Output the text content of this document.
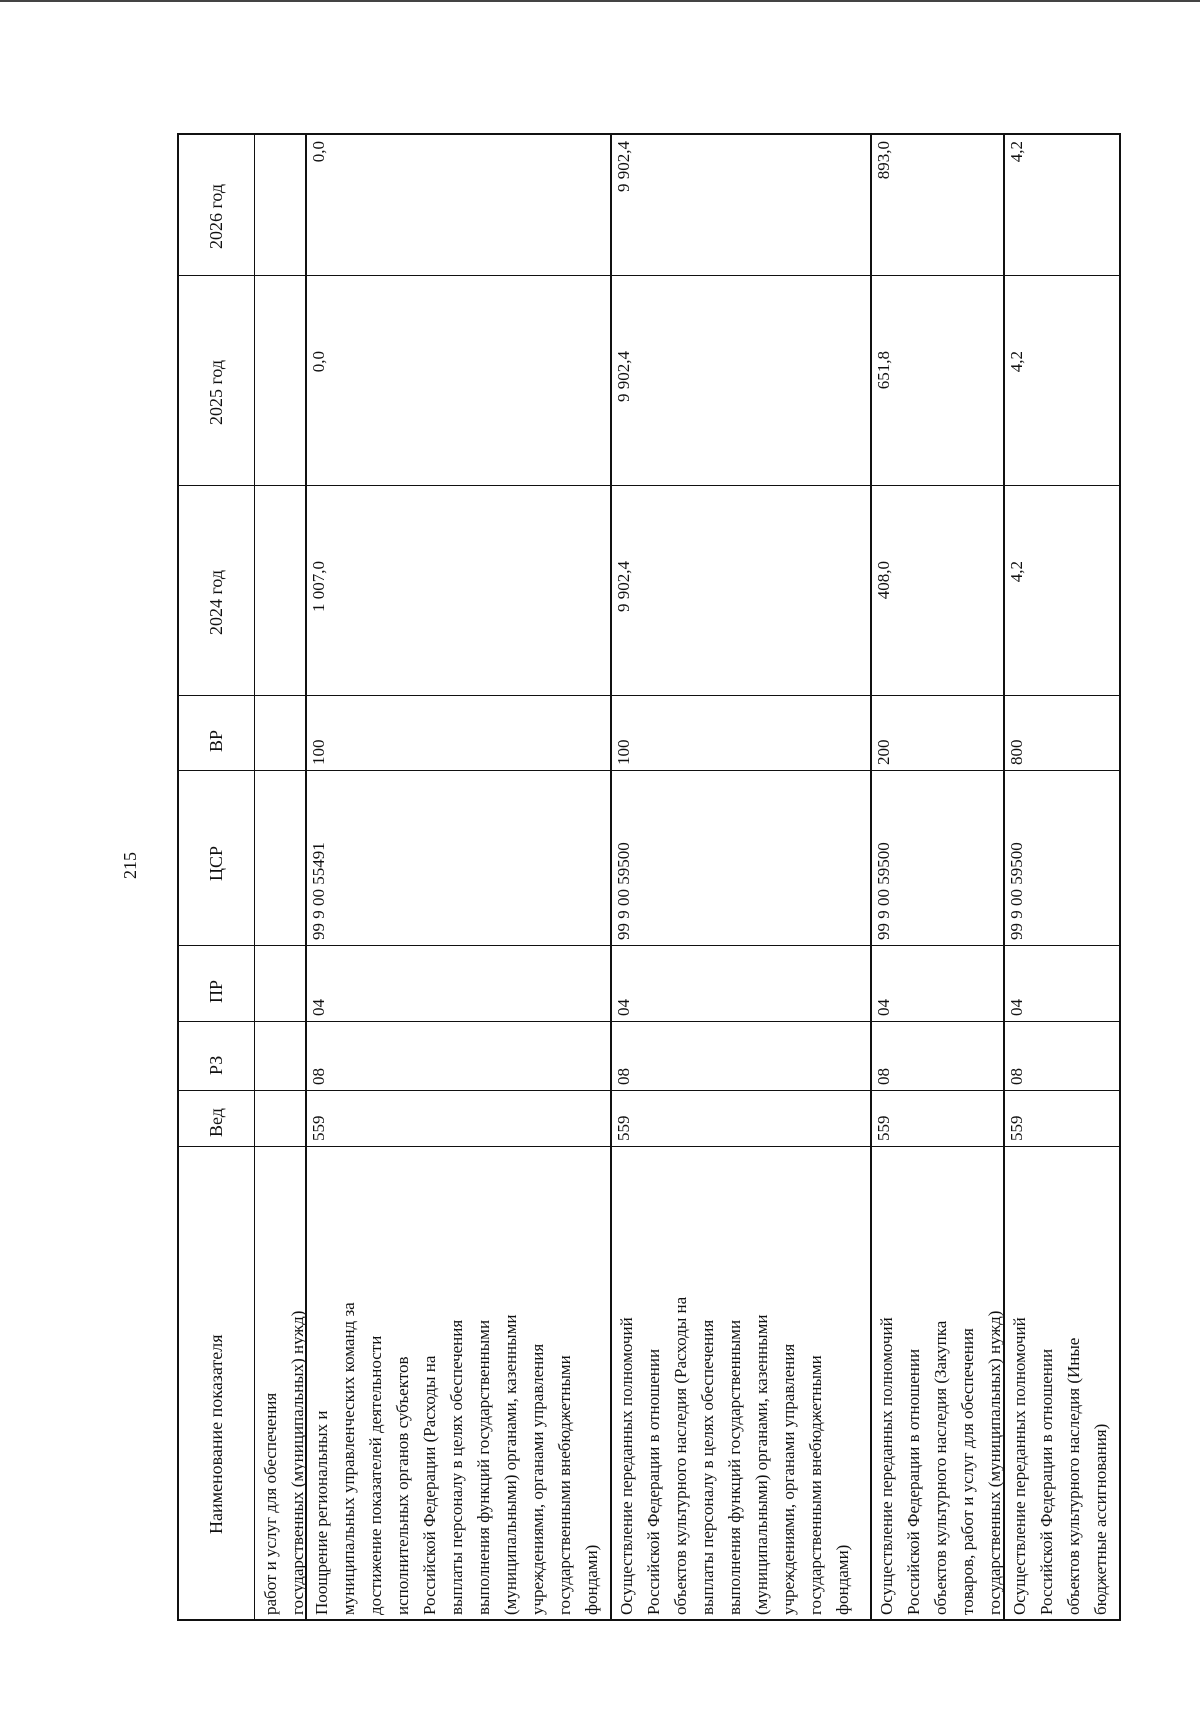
215
2026 год
2025 год
2024 год
ВР
ЦСР
ПР
РЗ
Вед
Наименование показателя
работ и услуг для обеспечения
государственных (муниципальных) нужд)
Поощрение региональных и
муниципальных управленческих команд за
достижение показателей деятельности
исполнительных органов субъектов
Российской Федерации (Расходы на
выплаты персоналу в целях обеспечения
выполнения функций государственными
(муниципальными) органами, казенными
учреждениями, органами управления
государственными внебюджетными
фондами)
559
08
04
99 9 00 55491
100
1 007,0
0,0
0,0
Осуществление переданных полномочий
Российской Федерации в отношении
объектов культурного наследия (Расходы на
выплаты персоналу в целях обеспечения
выполнения функций государственными
(муниципальными) органами, казенными
учреждениями, органами управления
государственными внебюджетными
фондами)
559
08
04
99 9 00 59500
100
9 902,4
9 902,4
9 902,4
Осуществление переданных полномочий
Российской Федерации в отношении
объектов культурного наследия (Закупка
товаров, работ и услуг для обеспечения
государственных (муниципальных) нужд)
559
08
04
99 9 00 59500
200
408,0
651,8
893,0
Осуществление переданных полномочий
Российской Федерации в отношении
объектов культурного наследия (Иные
бюджетные ассигнования)
559
08
04
99 9 00 59500
800
4,2
4,2
4,2
